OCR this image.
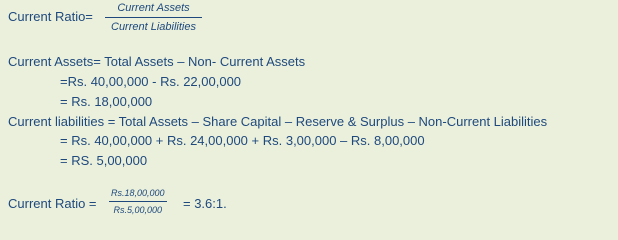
Current Ratio=
Current Assets
Current Liabilities
Current Assets= Total Assets – Non- Current Assets
=Rs. 40,00,000 - Rs. 22,00,000
= Rs. 18,00,000
Current liabilities = Total Assets – Share Capital – Reserve & Surplus – Non-Current Liabilities
= Rs. 40,00,000 + Rs. 24,00,000 + Rs. 3,00,000 – Rs. 8,00,000
= RS. 5,00,000
Current Ratio =
Rs.18,00,000
Rs.5,00,000 = 3.6:1.
